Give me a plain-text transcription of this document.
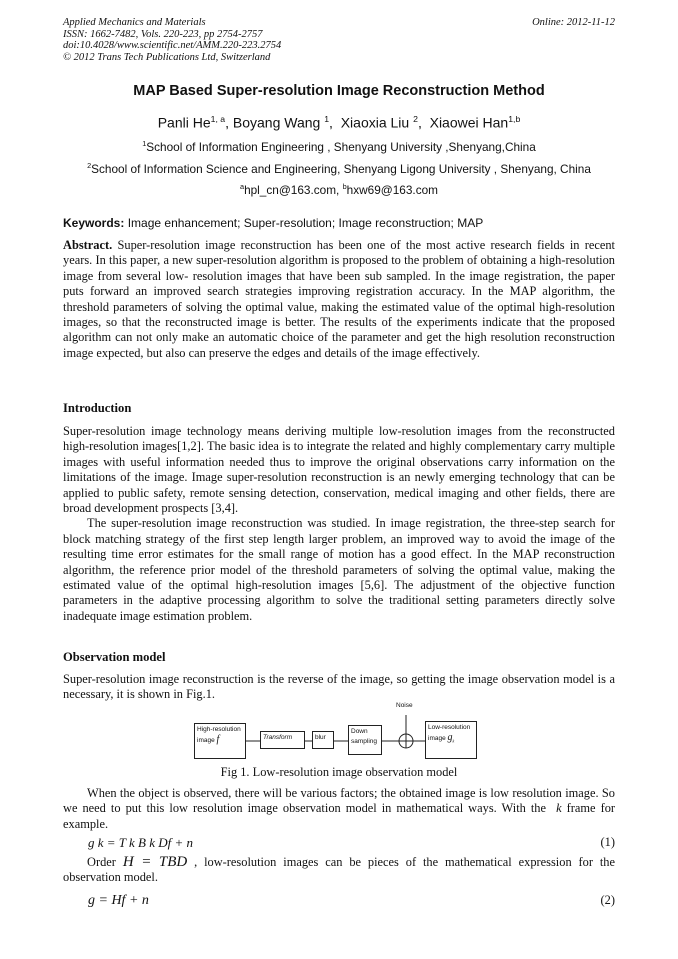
Applied Mechanics and Materials
ISSN: 1662-7482, Vols. 220-223, pp 2754-2757
doi:10.4028/www.scientific.net/AMM.220-223.2754
© 2012 Trans Tech Publications Ltd, Switzerland
Online: 2012-11-12
MAP Based Super-resolution Image Reconstruction Method
Panli He$^{1, a}$, Boyang Wang $^1$,  Xiaoxia Liu $^2$,  Xiaowei Han$^{1,b}$
$^1$School of Information Engineering , Shenyang University ,Shenyang,China
$^2$School of Information Science and Engineering, Shenyang Ligong University , Shenyang, China
$^a$hpl_cn@163.com, $^b$hxw69@163.com
Keywords: Image enhancement; Super-resolution; Image reconstruction; MAP

Abstract. Super-resolution image reconstruction has been one of the most active research fields in recent years. In this paper, a new super-resolution algorithm is proposed to the problem of obtaining a high-resolution image from several low- resolution images that have been sub sampled. In the image registration, the paper puts forward an improved search strategies improving registration accuracy. In the MAP algorithm, the threshold parameters of solving the optimal value, making the estimated value of the optimal high-resolution images, so that the reconstructed image is better. The results of the experiments indicate that the proposed algorithm can not only make an automatic choice of the parameter and get the high resolution reconstruction image expected, but also can preserve the edges and details of the image effectively.

Introduction

Super-resolution image technology means deriving multiple low-resolution images from the reconstructed high-resolution images[1,2]. The basic idea is to integrate the related and highly complementary carry multiple images with useful information needed thus to improve the original observations carry information on the limitations of the image. Image super-resolution reconstruction is an newly emerging technology that can be applied to public safety, remote sensing detection, conservation, medical imaging and other fields, there are broad development prospects [3,4].

The super-resolution image reconstruction was studied. In image registration, the three-step search for block matching strategy of the first step length larger problem, an improved way to avoid the image of the resulting time error estimates for the small range of motion has a good effect. In the MAP reconstruction algorithm, the reference prior model of the threshold parameters of solving the optimal value, making the estimated value of the optimal high-resolution images [5,6]. The adjustment of the objective function parameters in the adaptive processing algorithm to solve the traditional setting parameters directly solve inadequate image estimation problem.

Observation model
Super-resolution image reconstruction is the reverse of the image, so getting the image observation model is a necessary, it is shown in Fig.1.
Noise
High-resolution
image f	Transform	blur
Down
sampling
Low-resolution
image $g_k$
Fig 1. Low-resolution image observation model
When the object is observed, there will be various factors; the obtained image is low resolution image. So we need to put this low resolution image observation model in mathematical ways. With the k frame for example.
g k = T k B k Df + n	(1)
Order H = TBD , low-resolution images can be pieces of the mathematical expression for the observation model.
g = Hf + n	(2)
